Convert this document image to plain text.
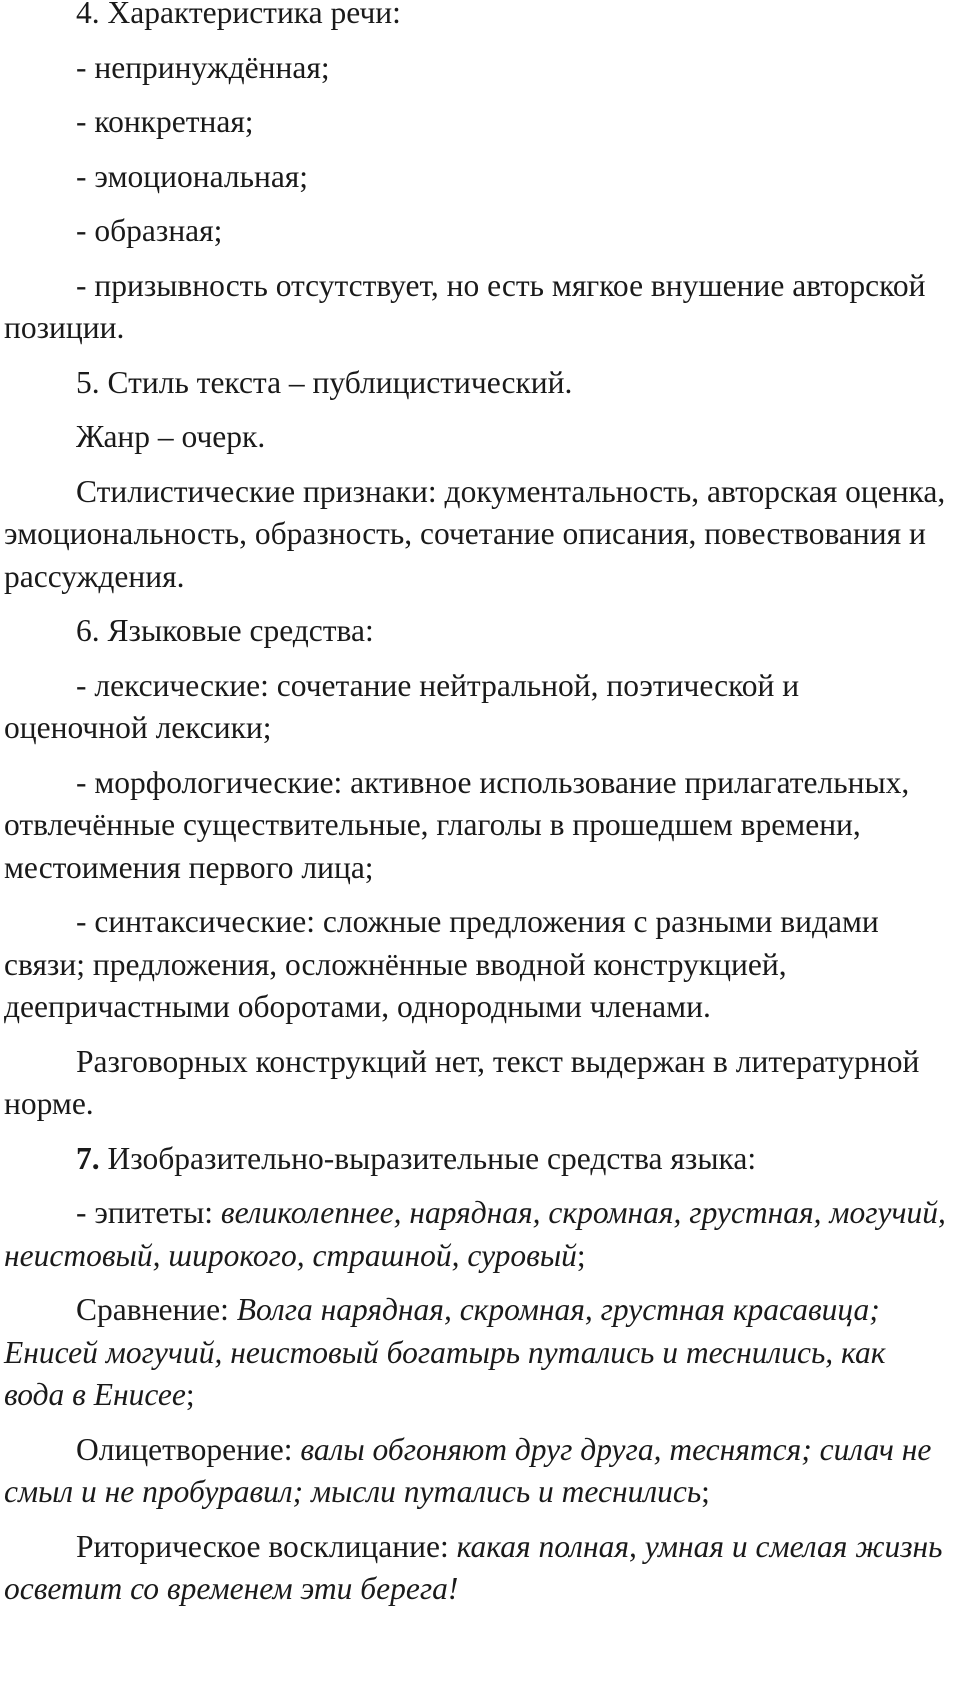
4. Характеристика речи:

- непринуждённая;

- конкретная;

- эмоциональная;

- образная;

- призывность отсутствует, но есть мягкое внушение авторской позиции.

5. Стиль текста – публицистический.

Жанр – очерк.

Стилистические признаки: документальность, авторская оценка, эмоциональность, образность, сочетание описания, повествования и рассуждения.

6. Языковые средства:

- лексические: сочетание нейтральной, поэтической и оценочной лексики;

- морфологические: активное использование прилагательных, отвлечённые существительные, глаголы в прошедшем времени, местоимения первого лица;

- синтаксические: сложные предложения с разными видами связи; предложения, осложнённые вводной конструкцией, деепричастными оборотами, однородными членами.

Разговорных конструкций нет, текст выдержан в литературной норме.

7. Изобразительно-выразительные средства языка:

- эпитеты: великолепнее, нарядная, скромная, грустная, могучий, неистовый, широкого, страшной, суровый;

Сравнение: Волга нарядная, скромная, грустная красавица; Енисей могучий, неистовый богатырь путались и теснились, как вода в Енисее;

Олицетворение: валы обгоняют друг друга, теснятся; силач не смыл и не пробуравил; мысли путались и теснились;

Риторическое восклицание: какая полная, умная и смелая жизнь осветит со временем эти берега!
